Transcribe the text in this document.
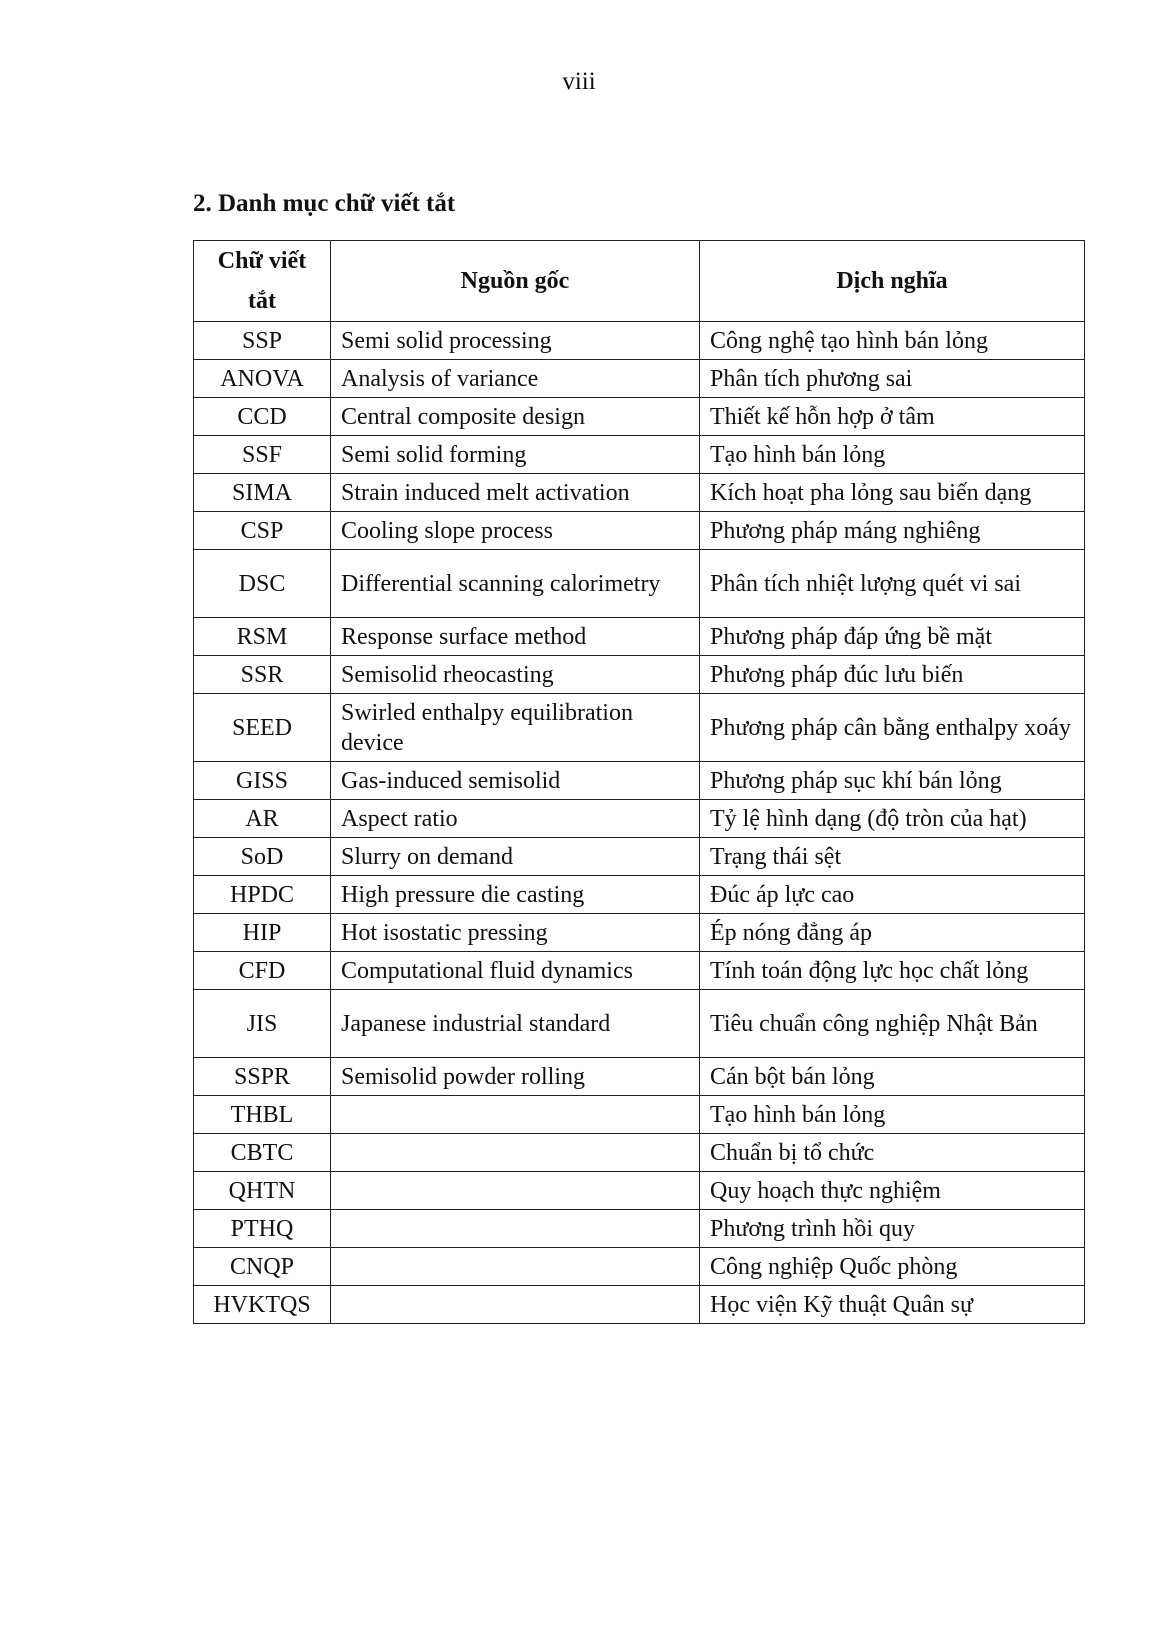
viii
2. Danh mục chữ viết tắt
Chữ viết
tắt	Nguồn gốc	Dịch nghĩa
SSP	Semi solid processing	Công nghệ tạo hình bán lỏng
ANOVA	Analysis of variance	Phân tích phương sai
CCD	Central composite design	Thiết kế hỗn hợp ở tâm
SSF	Semi solid forming	Tạo hình bán lỏng
SIMA	Strain induced melt activation	Kích hoạt pha lỏng sau biến dạng
CSP	Cooling slope process	Phương pháp máng nghiêng
DSC	Differential scanning calorimetry	Phân tích nhiệt lượng quét vi sai
RSM	Response surface method	Phương pháp đáp ứng bề mặt
SSR	Semisolid rheocasting	Phương pháp đúc lưu biến
SEED	Swirled enthalpy equilibration device	Phương pháp cân bằng enthalpy xoáy
GISS	Gas-induced semisolid	Phương pháp sục khí bán lỏng
AR	Aspect ratio	Tỷ lệ hình dạng (độ tròn của hạt)
SoD	Slurry on demand	Trạng thái sệt
HPDC	High pressure die casting	Đúc áp lực cao
HIP	Hot isostatic pressing	Ép nóng đẳng áp
CFD	Computational fluid dynamics	Tính toán động lực học chất lỏng
JIS	Japanese industrial standard	Tiêu chuẩn công nghiệp Nhật Bản
SSPR	Semisolid powder rolling	Cán bột bán lỏng
THBL		Tạo hình bán lỏng
CBTC		Chuẩn bị tổ chức
QHTN		Quy hoạch thực nghiệm
PTHQ		Phương trình hồi quy
CNQP		Công nghiệp Quốc phòng
HVKTQS		Học viện Kỹ thuật Quân sự
